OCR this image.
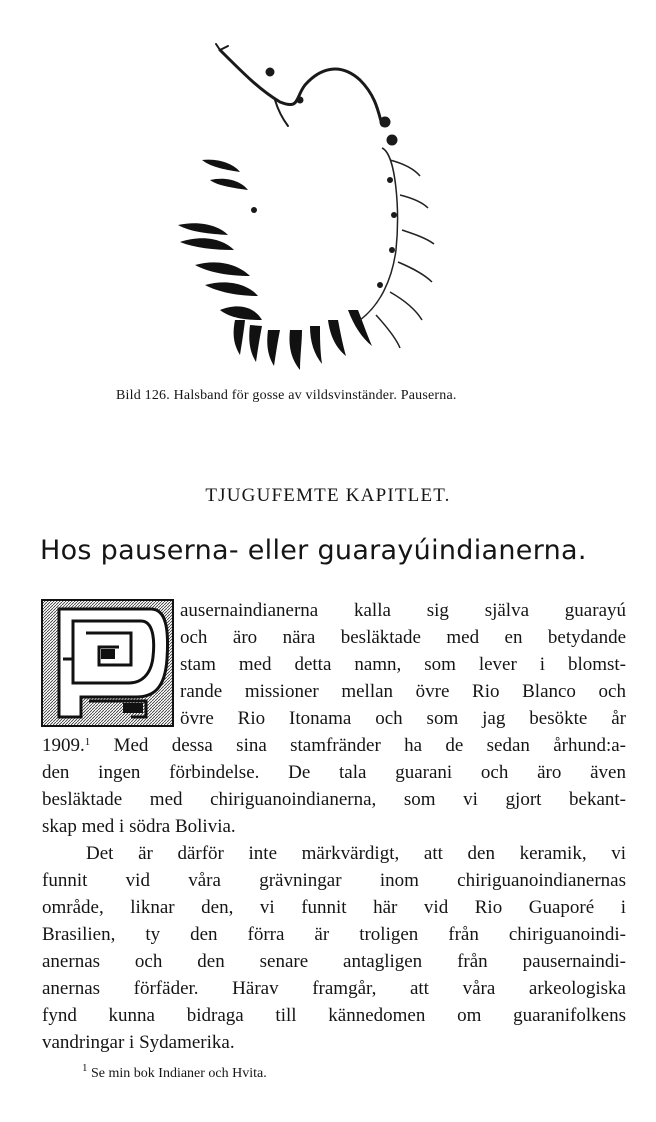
Bild 126. Halsband för gosse av vildsvinständer. Pauserna.
TJUGUFEMTE KAPITLET.
Hos pauserna- eller guarayúindianerna.
ausernaindianerna kalla sig själva guarayú
och äro nära besläktade med en betydande
stam med detta namn, som lever i blomst-
rande missioner mellan övre Rio Blanco och
övre Rio Itonama och som jag besökte år
1909.$^1$ Med dessa sina stamfränder ha de sedan århund:a-
den ingen förbindelse. De tala guarani och äro även
besläktade med chiriguanoindianerna, som vi gjort bekant-
skap med i södra Bolivia.
Det är därför inte märkvärdigt, att den keramik, vi
funnit vid våra grävningar inom chiriguanoindianernas
område, liknar den, vi funnit här vid Rio Guaporé i
Brasilien, ty den förra är troligen från chiriguanoindi-
anernas och den senare antagligen från pausernaindi-
anernas förfäder. Härav framgår, att våra arkeologiska
fynd kunna bidraga till kännedomen om guaranifolkens
vandringar i Sydamerika.
$^1$ Se min bok Indianer och Hvita.
